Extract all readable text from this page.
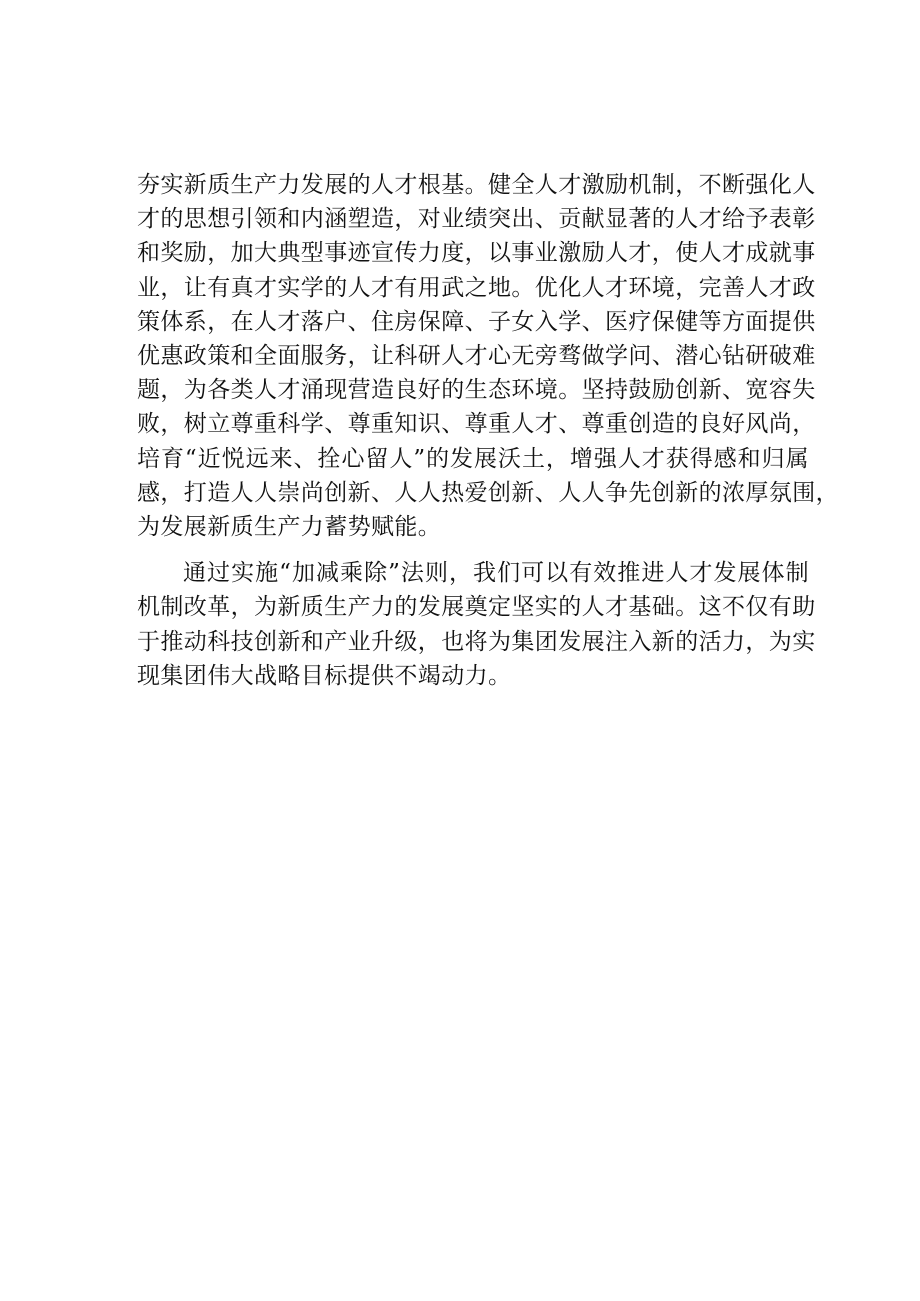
夯实新质生产力发展的人才根基。健全人才激励机制，不断强化人
才的思想引领和内涵塑造，对业绩突出、贡献显著的人才给予表彰
和奖励，加大典型事迹宣传力度，以事业激励人才，使人才成就事
业，让有真才实学的人才有用武之地。优化人才环境，完善人才政
策体系，在人才落户、住房保障、子女入学、医疗保健等方面提供
优惠政策和全面服务，让科研人才心无旁骛做学问、潜心钻研破难
题，为各类人才涌现营造良好的生态环境。坚持鼓励创新、宽容失
败，树立尊重科学、尊重知识、尊重人才、尊重创造的良好风尚，
培育“近悦远来、拴心留人”的发展沃土，增强人才获得感和归属
感，打造人人崇尚创新、人人热爱创新、人人争先创新的浓厚氛围，
为发展新质生产力蓄势赋能。
通过实施“加减乘除”法则，我们可以有效推进人才发展体制
机制改革，为新质生产力的发展奠定坚实的人才基础。这不仅有助
于推动科技创新和产业升级，也将为集团发展注入新的活力，为实
现集团伟大战略目标提供不竭动力。
